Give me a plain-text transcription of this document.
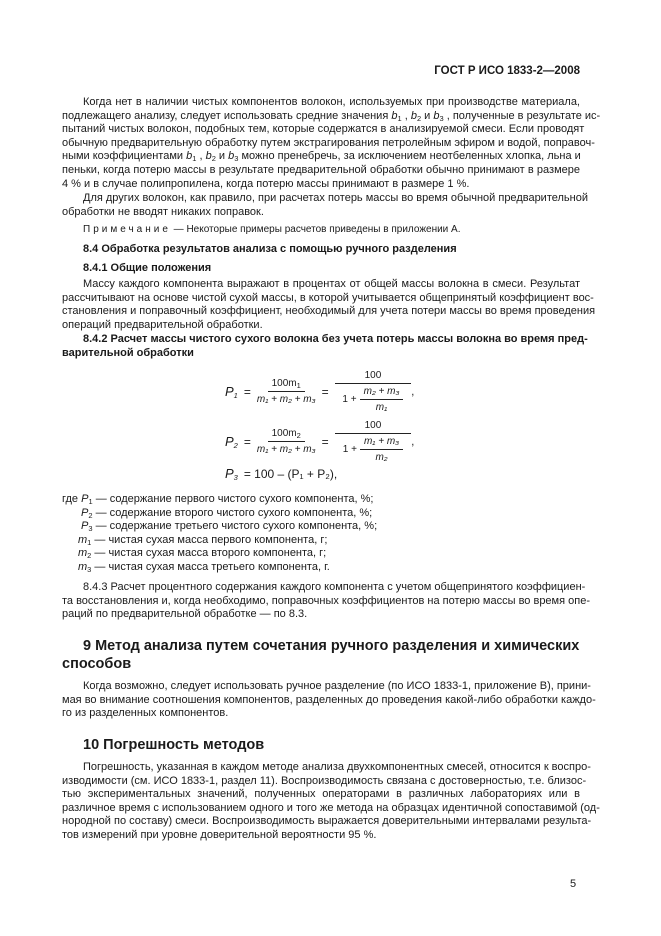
ГОСТ Р ИСО 1833-2—2008
Когда нет в наличии чистых компонентов волокон, используемых при производстве материала,
подлежащего анализу, следует использовать средние значения $b_1$ , $b_2$ и $b_3$ , полученные в результате ис-
пытаний чистых волокон, подобных тем, которые содержатся в анализируемой смеси. Если проводят
обычную предварительную обработку путем экстрагирования петролейным эфиром и водой, поправоч-
ными коэффициентами $b_1$ , $b_2$ и $b_3$ можно пренебречь, за исключением неотбеленных хлопка, льна и
пеньки, когда потерю массы в результате предварительной обработки обычно принимают в размере
4 % и в случае полипропилена, когда потерю массы принимают в размере 1 %.
Для других волокон, как правило, при расчетах потерь массы во время обычной предварительной
обработки не вводят никаких поправок.
Примечание — Некоторые примеры расчетов приведены в приложении А.
8.4 Обработка результатов анализа с помощью ручного разделения
8.4.1 Общие положения
Массу каждого компонента выражают в процентах от общей массы волокна в смеси. Результат
рассчитывают на основе чистой сухой массы, в которой учитывается общепринятый коэффициент вос-
становления и поправочный коэффициент, необходимый для учета потери массы во время проведения
операций предварительной обработки.
8.4.2 Расчет массы чистого сухого волокна без учета потерь массы волокна во время пред-
варительной обработки
где $P_1$ — содержание первого чистого сухого компонента, %;
$P_2$ — содержание второго чистого сухого компонента, %;
$P_3$ — содержание третьего чистого сухого компонента, %;
$m_1$ — чистая сухая масса первого компонента, г;
$m_2$ — чистая сухая масса второго компонента, г;
$m_3$ — чистая сухая масса третьего компонента, г.
8.4.3 Расчет процентного содержания каждого компонента с учетом общепринятого коэффициен-
та восстановления и, когда необходимо, поправочных коэффициентов на потерю массы во время опе-
раций по предварительной обработке — по 8.3.
9 Метод анализа путем сочетания ручного разделения и химических
способов
Когда возможно, следует использовать ручное разделение (по ИСО 1833-1, приложение В), прини-
мая во внимание соотношения компонентов, разделенных до проведения какой-либо обработки каждо-
го из разделенных компонентов.
10 Погрешность методов
Погрешность, указанная в каждом методе анализа двухкомпонентных смесей, относится к воспро-
изводимости (см. ИСО 1833-1, раздел 11). Воспроизводимость связана с достоверностью, т.е. близос-
тью экспериментальных значений, полученных операторами в различных лабораториях или в
различное время с использованием одного и того же метода на образцах идентичной сопоставимой (од-
нородной по составу) смеси. Воспроизводимость выражается доверительными интервалами результа-
тов измерений при уровне доверительной вероятности 95 %.
$P_1 = \frac{100m_1}{\text{m₁ + m₂ + m₃}} = \frac{100}{1 + \frac{\text{m₂ + m₃}}{\text{m₁}}}$ ,
$P_2 = \frac{100m_2}{\text{m₁ + m₂ + m₃}} = \frac{100}{1 + \frac{\text{m₁ + m₃}}{\text{m₂}}}$ ,
$P_3 = 100 - (P_1 + P_2)$,
5
